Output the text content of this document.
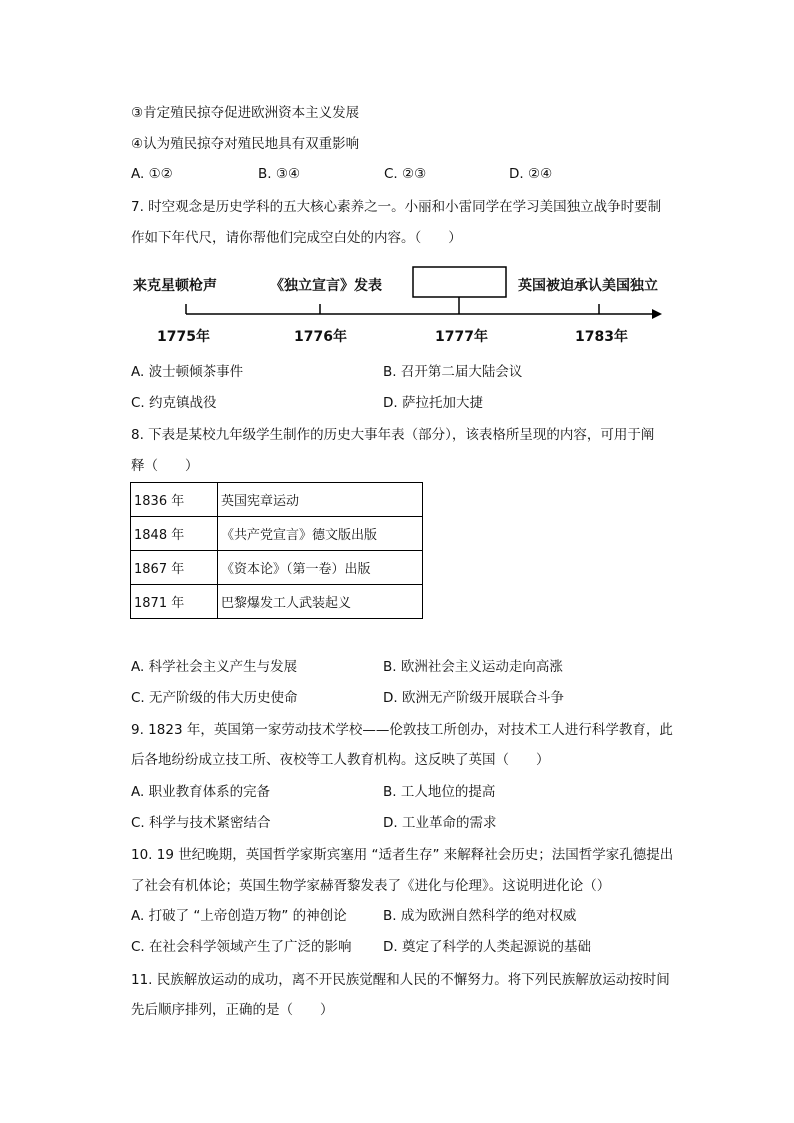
③肯定殖民掠夺促进欧洲资本主义发展
④认为殖民掠夺对殖民地具有双重影响
A. ①②	B. ③④	C. ②③	D. ②④
7. 时空观念是历史学科的五大核心素养之一。小丽和小雷同学在学习美国独立战争时要制
作如下年代尺，请你帮他们完成空白处的内容。（　　）
来克星顿枪声	《独立宣言》发表	英国被迫承认美国独立
1775年	1776年	1777年	1783年
A. 波士顿倾茶事件	B. 召开第二届大陆会议
C. 约克镇战役	D. 萨拉托加大捷
8. 下表是某校九年级学生制作的历史大事年表（部分），该表格所呈现的内容，可用于阐
释（　　）
1836 年	英国宪章运动
1848 年	《共产党宣言》德文版出版
1867 年	《资本论》（第一卷）出版
1871 年	巴黎爆发工人武装起义
A. 科学社会主义产生与发展	B. 欧洲社会主义运动走向高涨
C. 无产阶级的伟大历史使命	D. 欧洲无产阶级开展联合斗争
9. 1823 年，英国第一家劳动技术学校——伦敦技工所创办，对技术工人进行科学教育，此
后各地纷纷成立技工所、夜校等工人教育机构。这反映了英国（　　）
A. 职业教育体系的完备	B. 工人地位的提高
C. 科学与技术紧密结合	D. 工业革命的需求
10. 19 世纪晚期，英国哲学家斯宾塞用 “适者生存” 来解释社会历史；法国哲学家孔德提出
了社会有机体论；英国生物学家赫胥黎发表了《进化与伦理》。这说明进化论（）
A. 打破了 “上帝创造万物” 的神创论	B. 成为欧洲自然科学的绝对权威
C. 在社会科学领域产生了广泛的影响 D. 奠定了科学的人类起源说的基础
11. 民族解放运动的成功，离不开民族觉醒和人民的不懈努力。将下列民族解放运动按时间
先后顺序排列，正确的是（　　）
